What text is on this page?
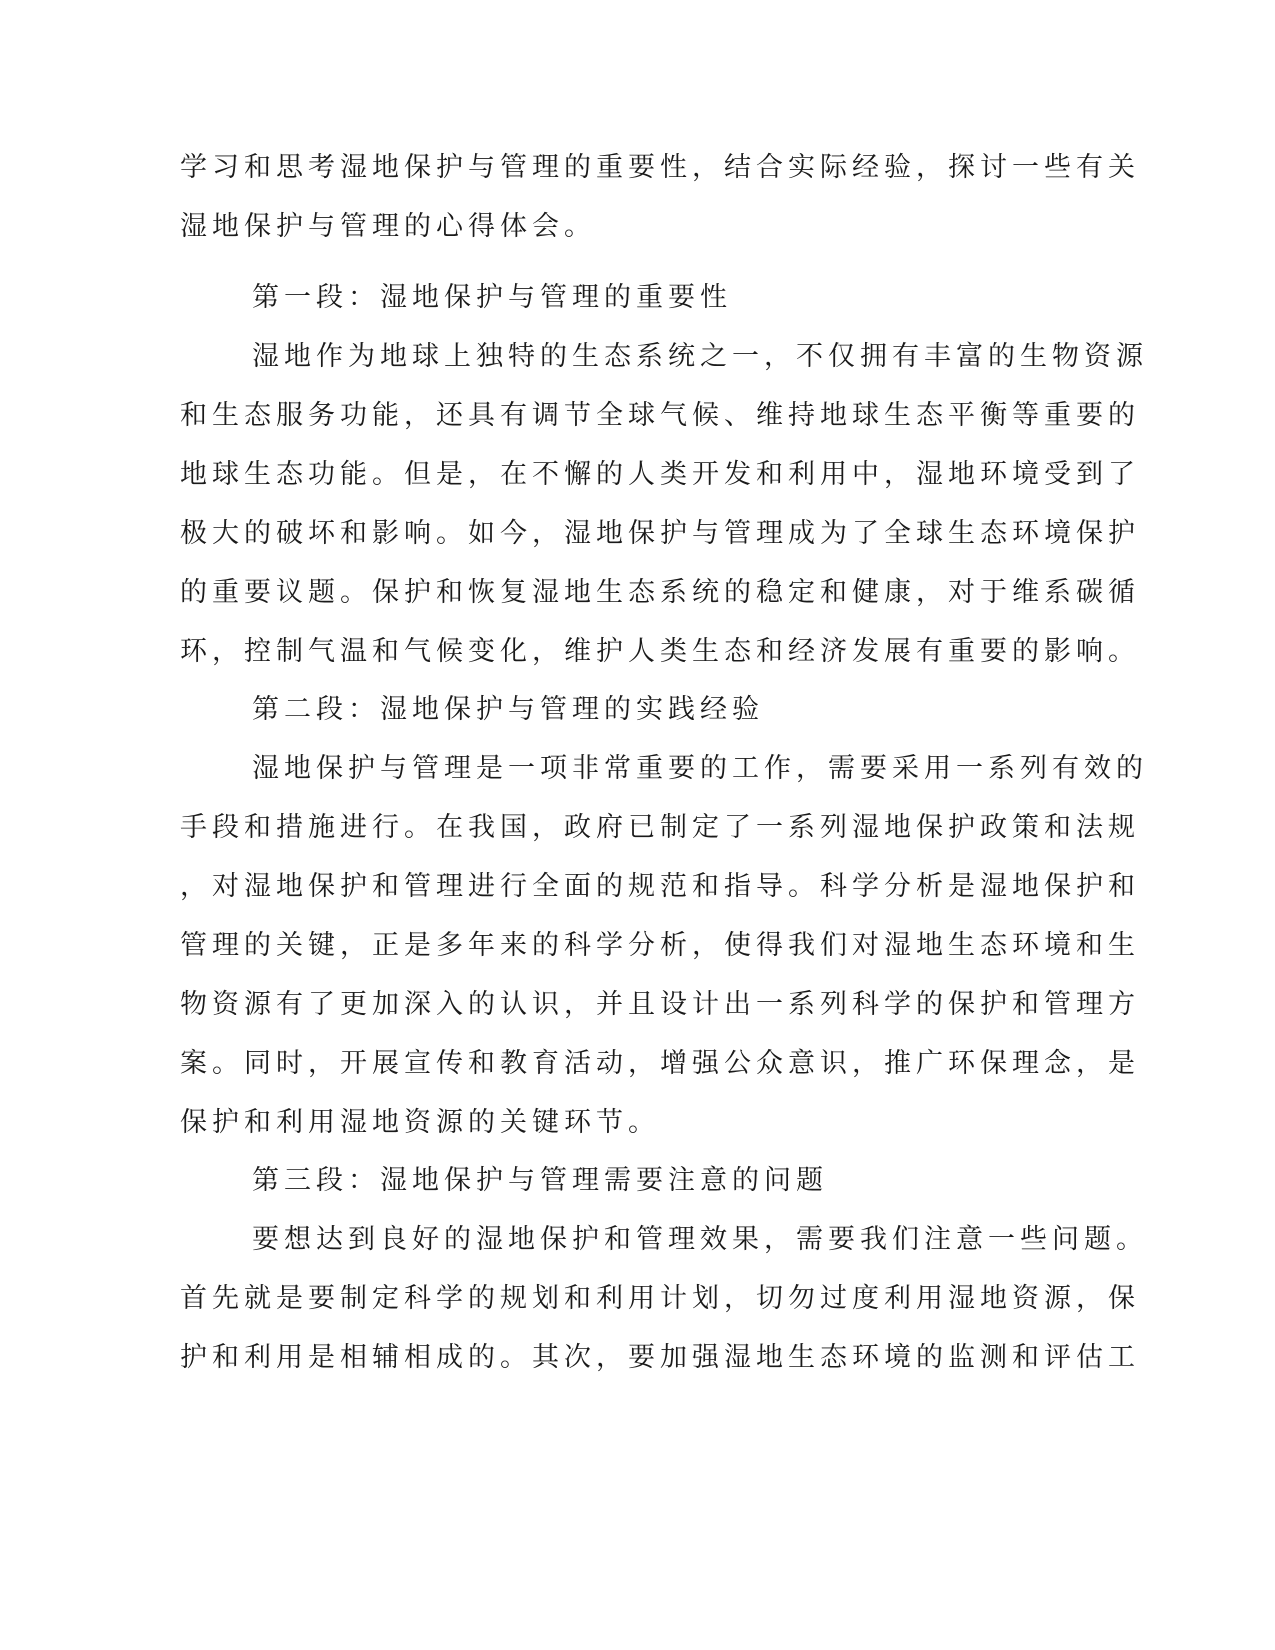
学习和思考湿地保护与管理的重要性，结合实际经验，探讨一些有关
湿地保护与管理的心得体会。
第一段：湿地保护与管理的重要性
湿地作为地球上独特的生态系统之一，不仅拥有丰富的生物资源
和生态服务功能，还具有调节全球气候、维持地球生态平衡等重要的
地球生态功能。但是，在不懈的人类开发和利用中，湿地环境受到了
极大的破坏和影响。如今，湿地保护与管理成为了全球生态环境保护
的重要议题。保护和恢复湿地生态系统的稳定和健康，对于维系碳循
环，控制气温和气候变化，维护人类生态和经济发展有重要的影响。
第二段：湿地保护与管理的实践经验
湿地保护与管理是一项非常重要的工作，需要采用一系列有效的
手段和措施进行。在我国，政府已制定了一系列湿地保护政策和法规
，对湿地保护和管理进行全面的规范和指导。科学分析是湿地保护和
管理的关键，正是多年来的科学分析，使得我们对湿地生态环境和生
物资源有了更加深入的认识，并且设计出一系列科学的保护和管理方
案。同时，开展宣传和教育活动，增强公众意识，推广环保理念，是
保护和利用湿地资源的关键环节。
第三段：湿地保护与管理需要注意的问题
要想达到良好的湿地保护和管理效果，需要我们注意一些问题。
首先就是要制定科学的规划和利用计划，切勿过度利用湿地资源，保
护和利用是相辅相成的。其次，要加强湿地生态环境的监测和评估工
